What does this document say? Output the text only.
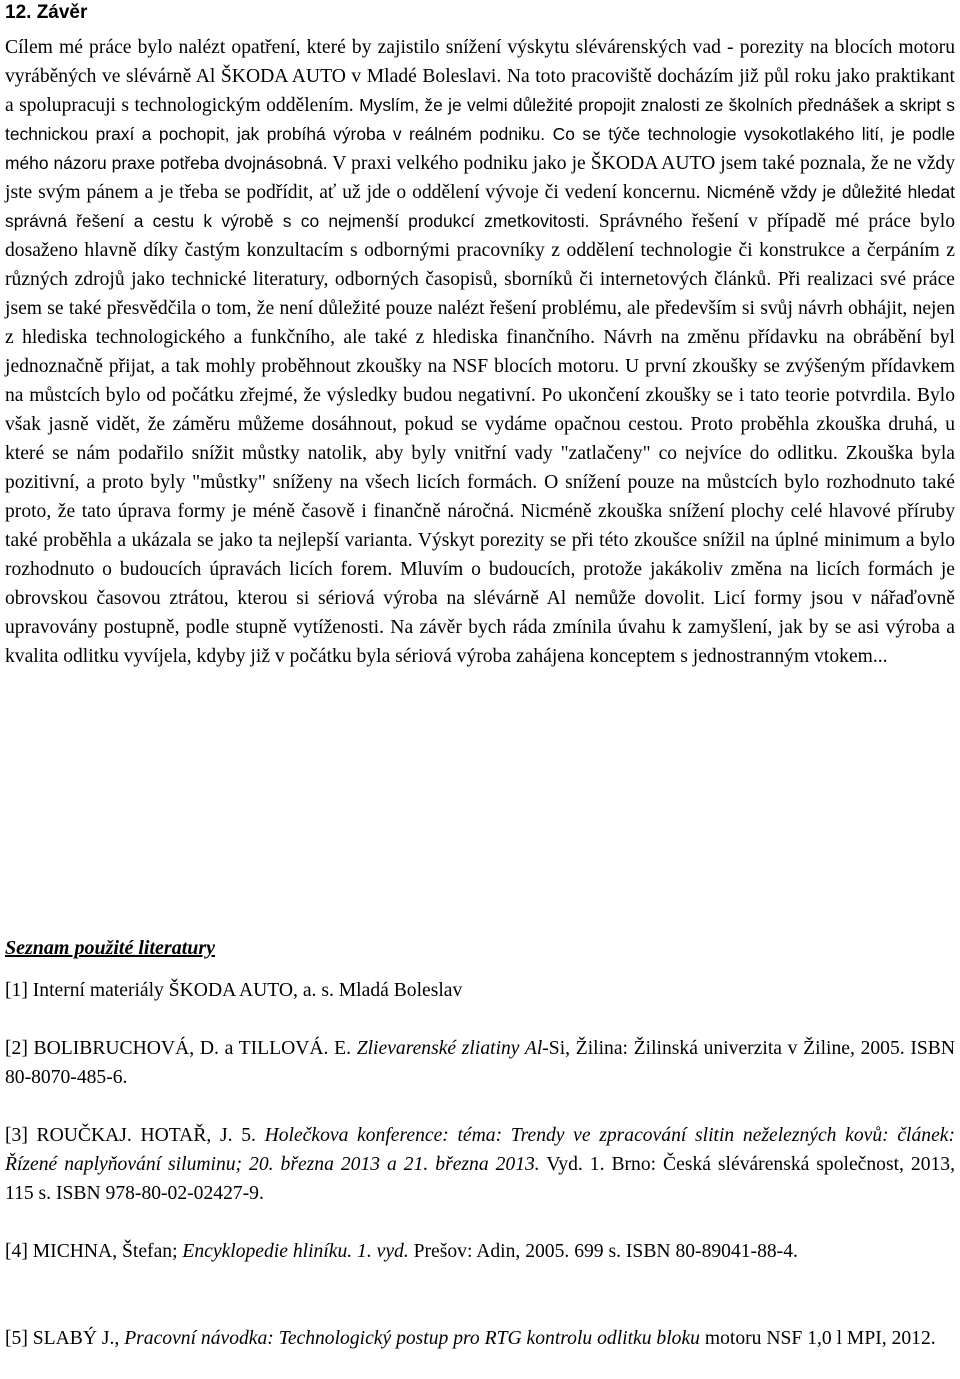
12. Závěr

Cílem mé práce bylo nalézt opatření, které by zajistilo snížení výskytu slévárenských vad - porezity na blocích motoru vyráběných ve slévárně Al ŠKODA AUTO v Mladé Boleslavi. Na toto pracoviště docházím již půl roku jako praktikant a spolupracuji s technologickým oddělením. Myslím, že je velmi důležité propojit znalosti ze školních přednášek a skript s technickou praxí a pochopit, jak probíhá výroba v reálném podniku. Co se týče technologie vysokotlakého lití, je podle mého názoru praxe potřeba dvojnásobná. V praxi velkého podniku jako je ŠKODA AUTO jsem také poznala, že ne vždy jste svým pánem a je třeba se podřídit, ať už jde o oddělení vývoje či vedení koncernu. Nicméně vždy je důležité hledat správná řešení a cestu k výrobě s co nejmenší produkcí zmetkovitosti. Správného řešení v případě mé práce bylo dosaženo hlavně díky častým konzultacím s odbornými pracovníky z oddělení technologie či konstrukce a čerpáním z různých zdrojů jako technické literatury, odborných časopisů, sborníků či internetových článků. Při realizaci své práce jsem se také přesvědčila o tom, že není důležité pouze nalézt řešení problému, ale především si svůj návrh obhájit, nejen z hlediska technologického a funkčního, ale také z hlediska finančního. Návrh na změnu přídavku na obrábění byl jednoznačně přijat, a tak mohly proběhnout zkoušky na NSF blocích motoru. U první zkoušky se zvýšeným přídavkem na můstcích bylo od počátku zřejmé, že výsledky budou negativní. Po ukončení zkoušky se i tato teorie potvrdila. Bylo však jasně vidět, že záměru můžeme dosáhnout, pokud se vydáme opačnou cestou. Proto proběhla zkouška druhá, u které se nám podařilo snížit můstky natolik, aby byly vnitřní vady "zatlačeny" co nejvíce do odlitku. Zkouška byla pozitivní, a proto byly "můstky" sníženy na všech licích formách. O snížení pouze na můstcích bylo rozhodnuto také proto, že tato úprava formy je méně časově i finančně náročná. Nicméně zkouška snížení plochy celé hlavové příruby také proběhla a ukázala se jako ta nejlepší varianta. Výskyt porezity se při této zkoušce snížil na úplné minimum a bylo rozhodnuto o budoucích úpravách licích forem. Mluvím o budoucích, protože jakákoliv změna na licích formách je obrovskou časovou ztrátou, kterou si sériová výroba na slévárně Al nemůže dovolit. Licí formy jsou v nářaďovně upravovány postupně, podle stupně vytíženosti. Na závěr bych ráda zmínila úvahu k zamyšlení, jak by se asi výroba a kvalita odlitku vyvíjela, kdyby již v počátku byla sériová výroba zahájena konceptem s jednostranným vtokem...

Seznam použité literatury

[1] Interní materiály ŠKODA AUTO, a. s. Mladá Boleslav

[2] BOLIBRUCHOVÁ, D. a TILLOVÁ. E. Zlievarenské zliatiny Al-Si, Žilina: Žilinská univerzita v Žiline, 2005. ISBN 80-8070-485-6.

[3] ROUČKAJ. HOTAŘ, J. 5. Holečkova konference: téma: Trendy ve zpracování slitin neželezných kovů: článek: Řízené naplyňování siluminu; 20. března 2013 a 21. března 2013. Vyd. 1. Brno: Česká slévárenská společnost, 2013, 115 s. ISBN 978-80-02-02427-9.

[4] MICHNA, Štefan; Encyklopedie hliníku. 1. vyd. Prešov: Adin, 2005. 699 s. ISBN 80-89041-88-4.

[5] SLABÝ J., Pracovní návodka: Technologický postup pro RTG kontrolu odlitku bloku motoru NSF 1,0 l MPI, 2012.
